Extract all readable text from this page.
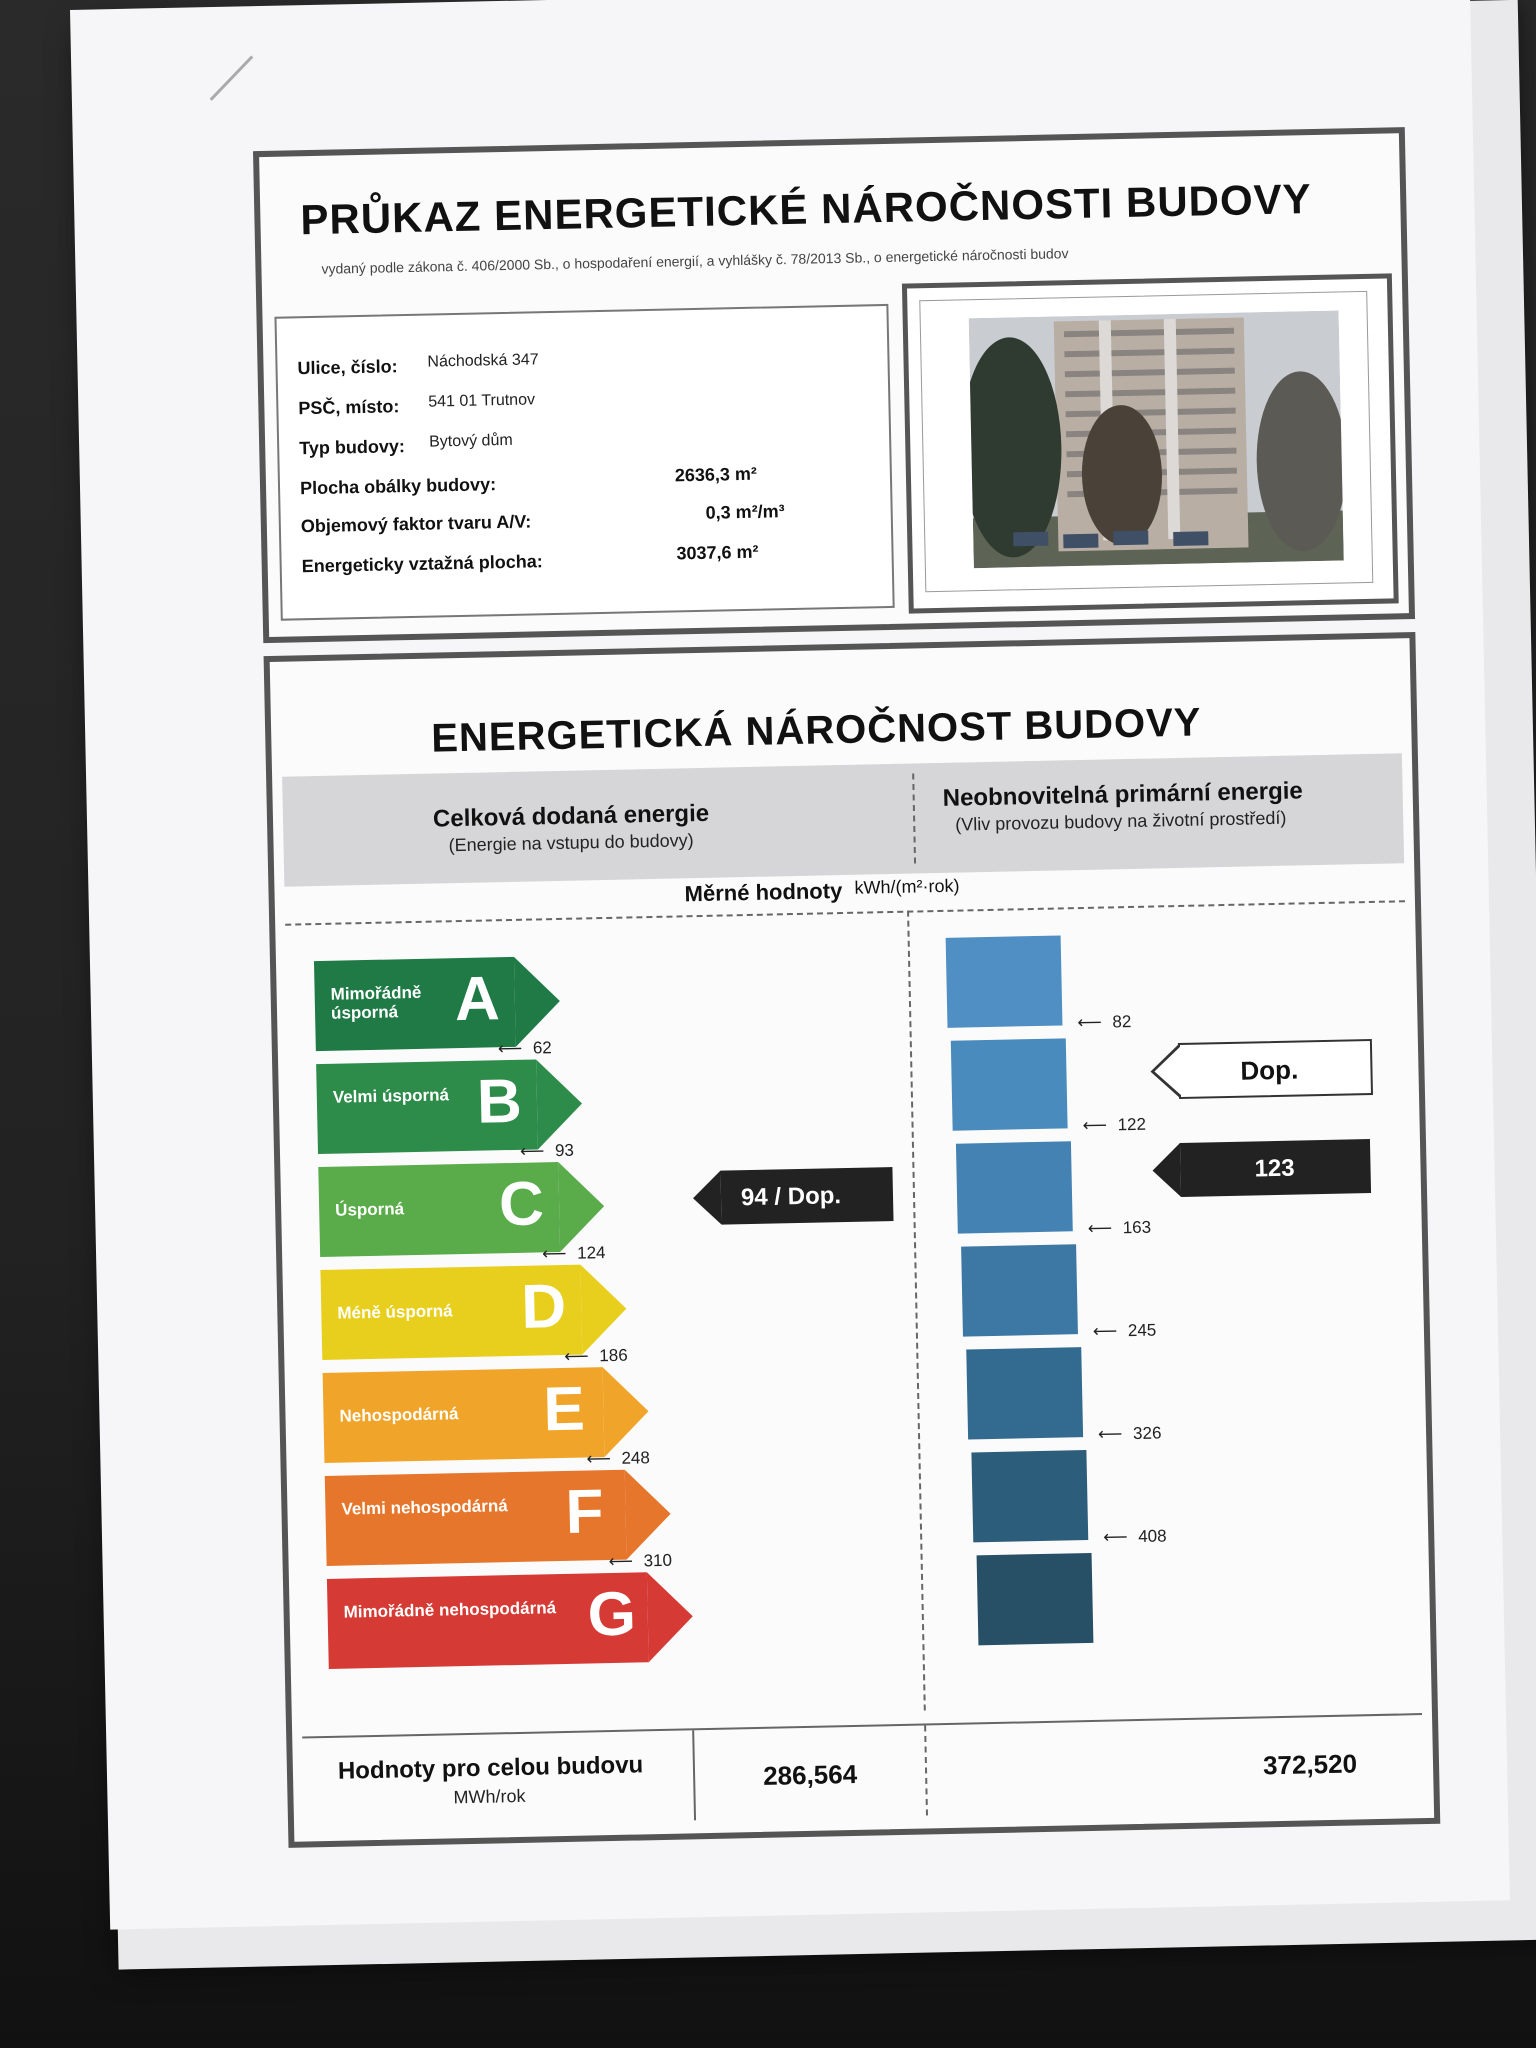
PRŮKAZ ENERGETICKÉ NÁROČNOSTI BUDOVY
vydaný podle zákona č. 406/2000 Sb., o hospodaření energií, a vyhlášky č. 78/2013 Sb., o energetické náročnosti budov
Ulice, číslo: Náchodská 347
PSČ, místo: 541 01 Trutnov
Typ budovy: Bytový dům
Plocha obálky budovy:	2636,3 m²
Objemový faktor tvaru A/V:	0,3 m²/m³
Energeticky vztažná plocha:	3037,6 m²
ENERGETICKÁ NÁROČNOST BUDOVY
Celková dodaná energie
(Energie na vstupu do budovy)
Neobnovitelná primární energie
(Vliv provozu budovy na životní prostředí)
Měrné hodnoty kWh/(m²·rok)
Mimořádně úsporná A
⟵ 62
Velmi úsporná B
⟵ 93
Úsporná	C
⟵ 124
Méně úsporná	D
⟵ 186
Nehospodárná	E
⟵ 248
Velmi nehospodárná F
⟵ 310
Mimořádně nehospodárná G
94 / Dop.
⟵ 82
⟵ 122
⟵ 163
⟵ 245
⟵ 326
⟵ 408
Dop.
123
Hodnoty pro celou budovu
MWh/rok
286,564	372,520
